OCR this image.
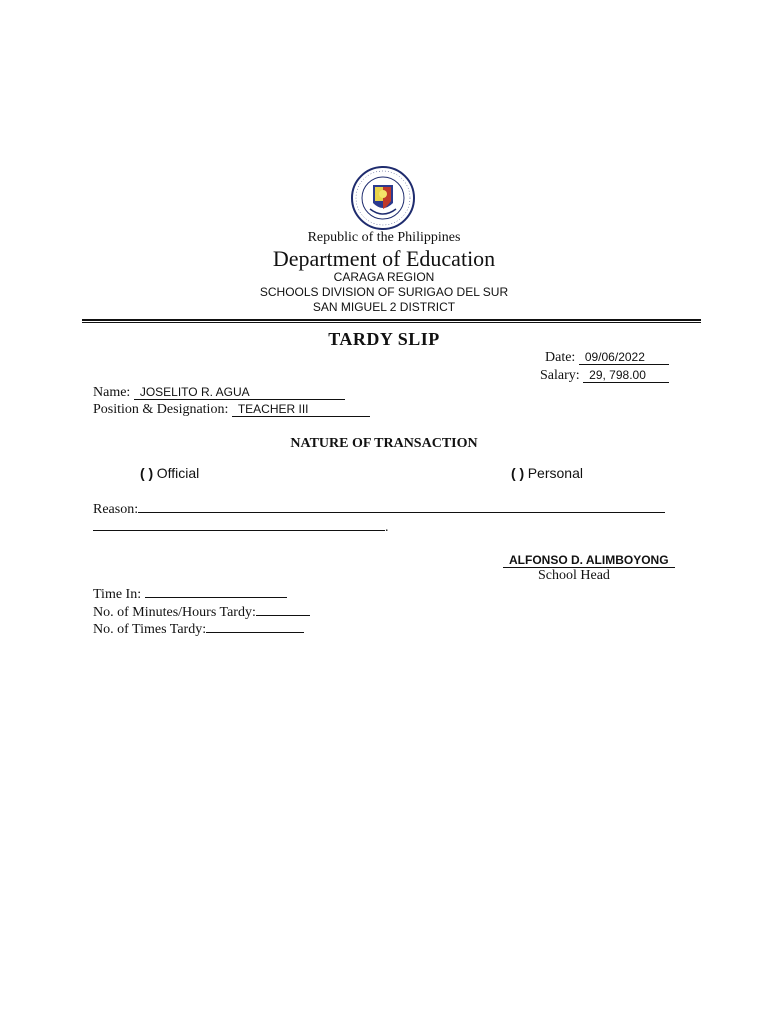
Republic of the Philippines
Department of Education
CARAGA REGION
SCHOOLS DIVISION OF SURIGAO DEL SUR
SAN MIGUEL 2 DISTRICT
TARDY SLIP
Date: 09/06/2022
Salary: 29, 798.00
Name: JOSELITO R. AGUA
Position & Designation: TEACHER III
NATURE OF TRANSACTION
( ) Official	( ) Personal
Reason:
.
ALFONSO D. ALIMBOYONG
School Head
Time In:
No. of Minutes/Hours Tardy:
No. of Times Tardy:
